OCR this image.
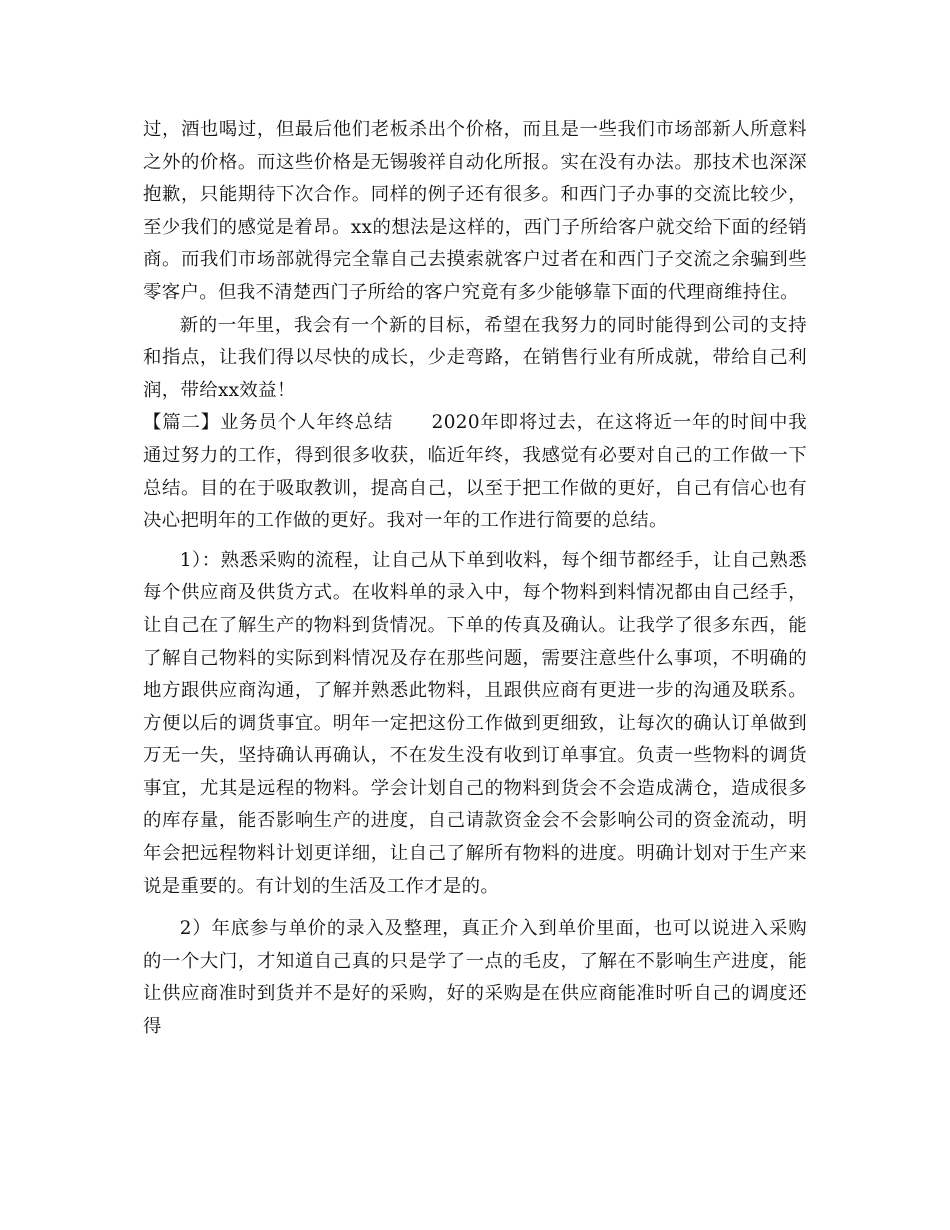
过，酒也喝过，但最后他们老板杀出个价格，而且是一些我们市场部新人所意料之外的价格。而这些价格是无锡骏祥自动化所报。实在没有办法。那技术也深深抱歉，只能期待下次合作。同样的例子还有很多。和西门子办事的交流比较少，至少我们的感觉是着昂。xx的想法是这样的，西门子所给客户就交给下面的经销商。而我们市场部就得完全靠自己去摸索就客户过者在和西门子交流之余骗到些零客户。但我不清楚西门子所给的客户究竟有多少能够靠下面的代理商维持住。

新的一年里，我会有一个新的目标，希望在我努力的同时能得到公司的支持和指点，让我们得以尽快的成长，少走弯路，在销售行业有所成就，带给自己利润，带给xx效益！

【篇二】业务员个人年终总结　　 2020年即将过去，在这将近一年的时间中我通过努力的工作，得到很多收获，临近年终，我感觉有必要对自己的工作做一下总结。目的在于吸取教训，提高自己，以至于把工作做的更好，自己有信心也有决心把明年的工作做的更好。我对一年的工作进行简要的总结。

1）：熟悉采购的流程，让自己从下单到收料，每个细节都经手，让自己熟悉每个供应商及供货方式。在收料单的录入中，每个物料到料情况都由自己经手，让自己在了解生产的物料到货情况。下单的传真及确认。让我学了很多东西，能了解自己物料的实际到料情况及存在那些问题，需要注意些什么事项，不明确的地方跟供应商沟通，了解并熟悉此物料，且跟供应商有更进一步的沟通及联系。方便以后的调货事宜。明年一定把这份工作做到更细致，让每次的确认订单做到万无一失，坚持确认再确认，不在发生没有收到订单事宜。负责一些物料的调货事宜，尤其是远程的物料。学会计划自己的物料到货会不会造成满仓，造成很多的库存量，能否影响生产的进度，自己请款资金会不会影响公司的资金流动，明年会把远程物料计划更详细，让自己了解所有物料的进度。明确计划对于生产来说是重要的。有计划的生活及工作才是的。

2）年底参与单价的录入及整理，真正介入到单价里面，也可以说进入采购的一个大门，才知道自己真的只是学了一点的毛皮，了解在不影响生产进度，能让供应商准时到货并不是好的采购，好的采购是在供应商能准时听自己的调度还得
